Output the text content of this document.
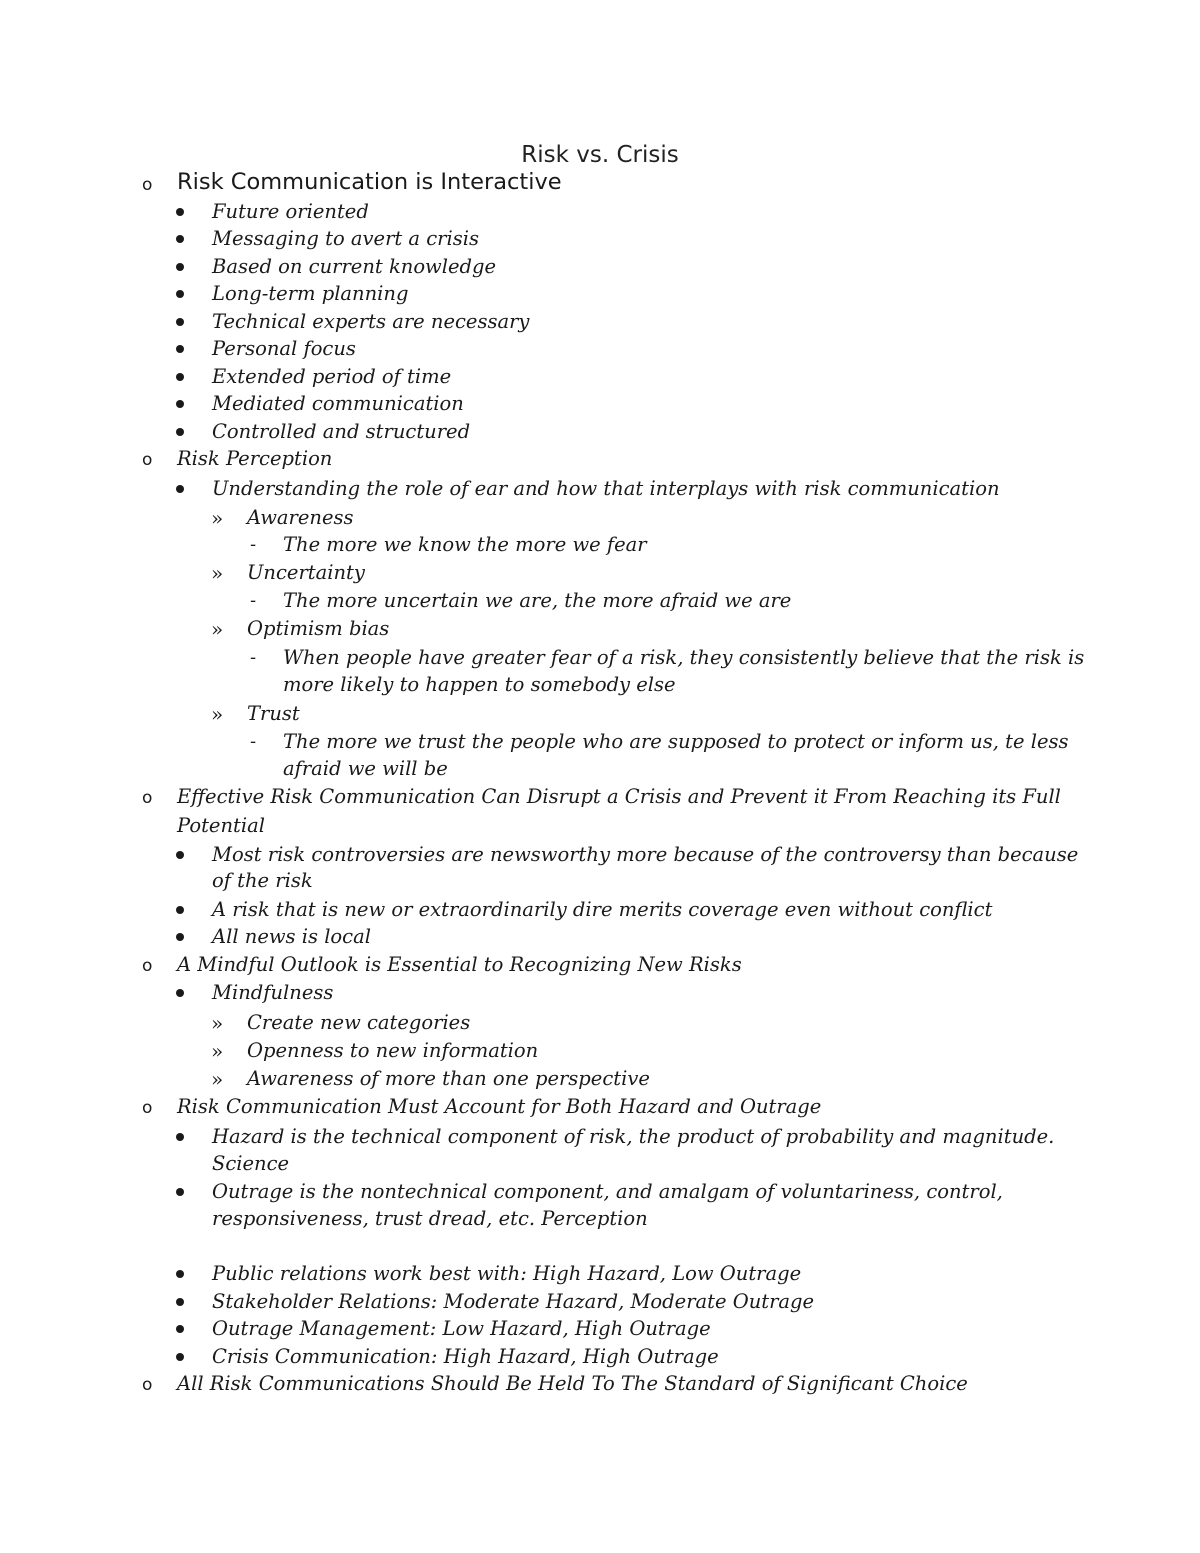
Risk vs. Crisis
o Risk Communication is Interactive
Future oriented
Messaging to avert a crisis
Based on current knowledge
Long-term planning
Technical experts are necessary
Personal focus
Extended period of time
Mediated communication
Controlled and structured
o Risk Perception
Understanding the role of ear and how that interplays with risk communication
» Awareness
- The more we know the more we fear
» Uncertainty
- The more uncertain we are, the more afraid we are
» Optimism bias
- When people have greater fear of a risk, they consistently believe that the risk is
more likely to happen to somebody else
» Trust
- The more we trust the people who are supposed to protect or inform us, te less
afraid we will be
o Effective Risk Communication Can Disrupt a Crisis and Prevent it From Reaching its Full
Potential
Most risk controversies are newsworthy more because of the controversy than because
of the risk
A risk that is new or extraordinarily dire merits coverage even without conflict
All news is local
o A Mindful Outlook is Essential to Recognizing New Risks
Mindfulness
» Create new categories
» Openness to new information
» Awareness of more than one perspective
o Risk Communication Must Account for Both Hazard and Outrage
Hazard is the technical component of risk, the product of probability and magnitude.
Science
Outrage is the nontechnical component, and amalgam of voluntariness, control,
responsiveness, trust dread, etc. Perception
Public relations work best with: High Hazard, Low Outrage
Stakeholder Relations: Moderate Hazard, Moderate Outrage
Outrage Management: Low Hazard, High Outrage
Crisis Communication: High Hazard, High Outrage
o All Risk Communications Should Be Held To The Standard of Significant Choice
